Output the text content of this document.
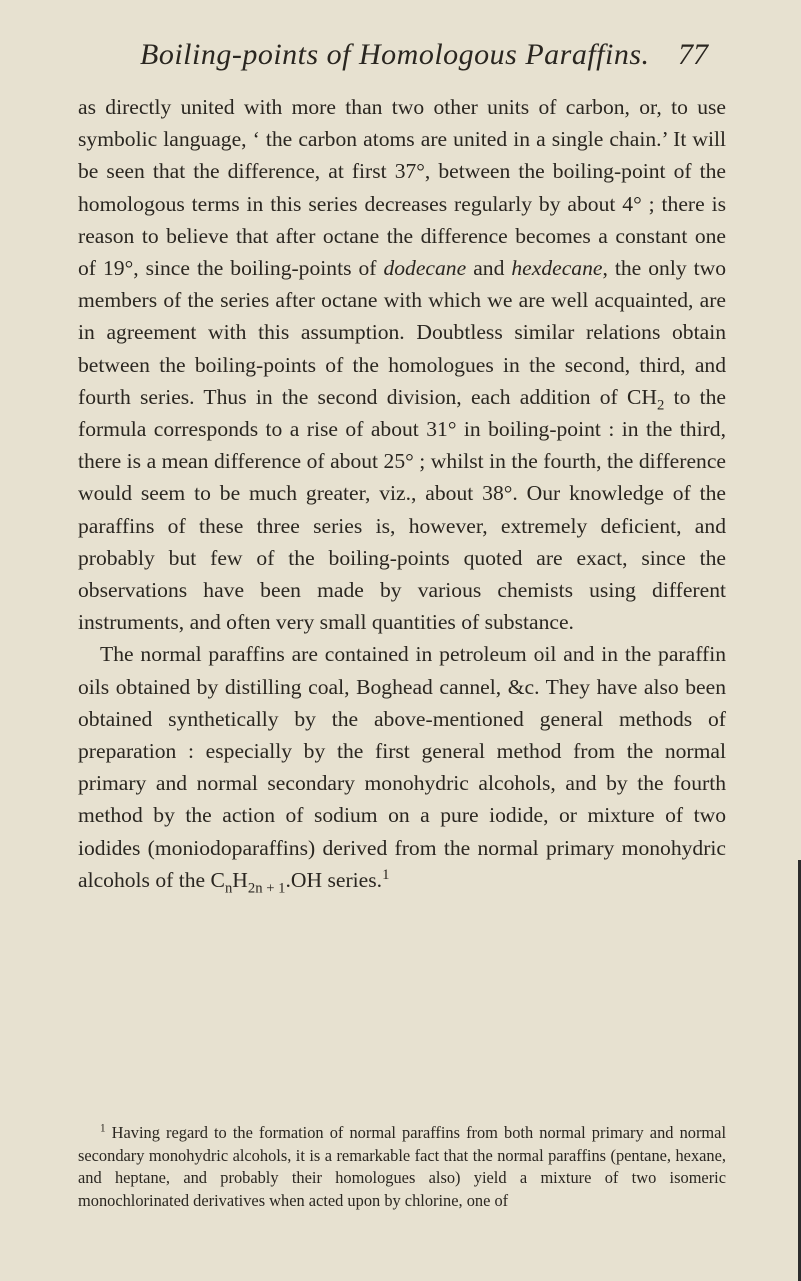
Boiling-points of Homologous Paraffins. 77

as directly united with more than two other units of carbon, or, to use symbolic language, ‘ the carbon atoms are united in a single chain.’ It will be seen that the difference, at first 37°, between the boiling-point of the homologous terms in this series decreases regularly by about 4° ; there is reason to believe that after octane the difference becomes a constant one of 19°, since the boiling-points of dodecane and hexdecane, the only two members of the series after octane with which we are well acquainted, are in agreement with this assumption. Doubtless similar relations obtain between the boiling-points of the homologues in the second, third, and fourth series. Thus in the second division, each addition of $CH_2$ to the formula corresponds to a rise of about 31° in boiling-point : in the third, there is a mean difference of about 25° ; whilst in the fourth, the difference would seem to be much greater, viz., about 38°. Our knowledge of the paraffins of these three series is, however, extremely deficient, and probably but few of the boiling-points quoted are exact, since the observations have been made by various chemists using different instruments, and often very small quantities of substance.

The normal paraffins are contained in petroleum oil and in the paraffin oils obtained by distilling coal, Boghead cannel, &c. They have also been obtained synthetically by the above-mentioned general methods of preparation : especially by the first general method from the normal primary and normal secondary monohydric alcohols, and by the fourth method by the action of sodium on a pure iodide, or mixture of two iodides (moniodoparaffins) derived from the normal primary monohydric alcohols of the $C_nH_{2n + 1}.OH$ series.$^1$

$^1$ Having regard to the formation of normal paraffins from both normal primary and normal secondary monohydric alcohols, it is a remarkable fact that the normal paraffins (pentane, hexane, and heptane, and probably their homologues also) yield a mixture of two isomeric monochlorinated derivatives when acted upon by chlorine, one of
